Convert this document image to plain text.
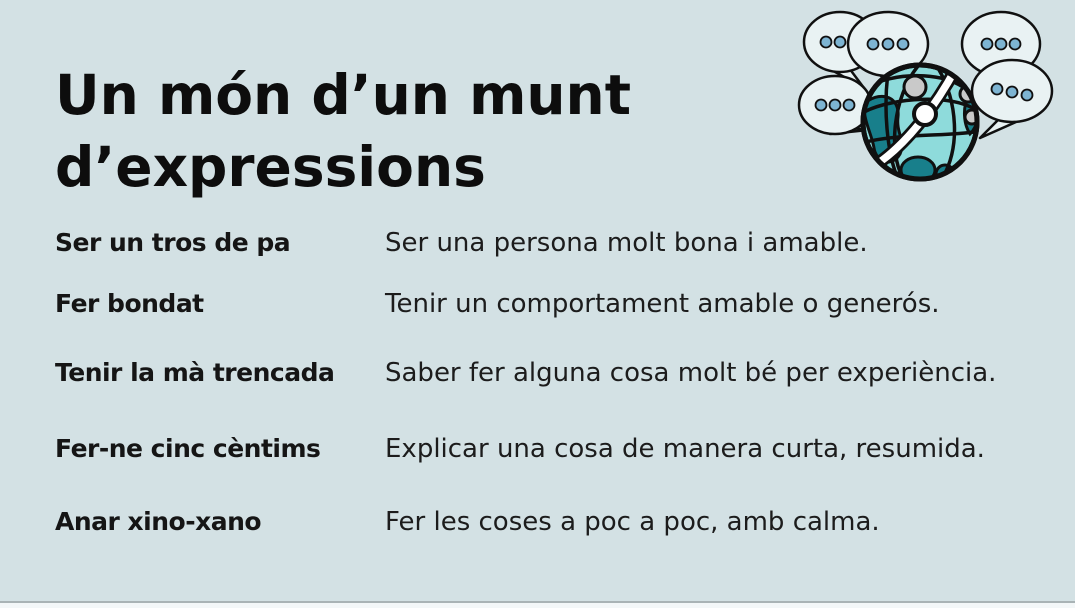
Un món d’un munt
d’expressions
Ser un tros de pa	Ser una persona molt bona i amable.
Fer bondat	Tenir un comportament amable o generós.
Tenir la mà trencada	Saber fer alguna cosa molt bé per experiència.
Fer-ne cinc cèntims	Explicar una cosa de manera curta, resumida.
Anar xino-xano	Fer les coses a poc a poc, amb calma.
